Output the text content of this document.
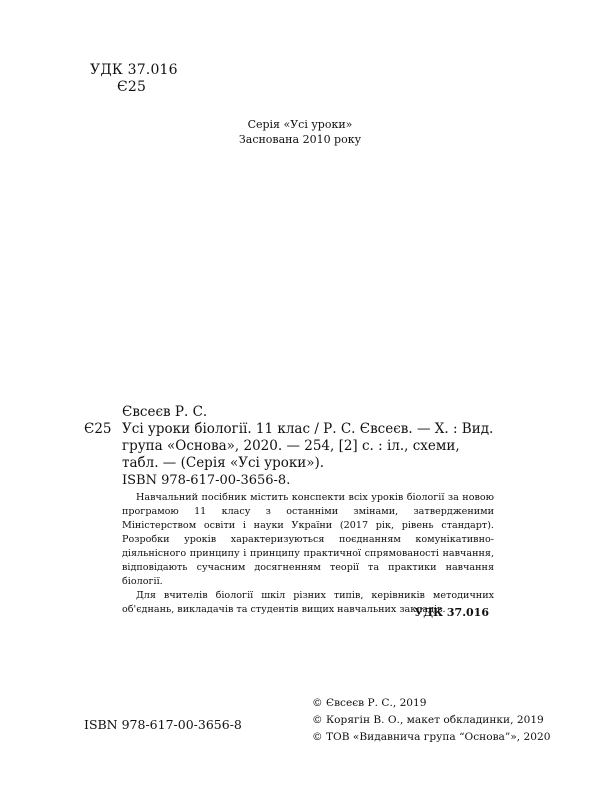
УДК 37.016
Є25
Серія «Усі уроки»
Заснована 2010 року
Євсеєв Р. С.
Є25 Усі уроки біології. 11 клас / Р. С. Євсеєв. — Х. : Вид. група «Основа», 2020. — 254, [2] с. : іл., схеми, табл. — (Серія «Усі уроки»).
ISBN 978-617-00-3656-8.

Навчальний посібник містить конспекти всіх уроків біології за новою програмою 11 класу з останніми змінами, затвердженими Міністерством освіти і науки України (2017 рік, рівень стандарт). Розробки уроків характеризуються поєднанням комунікативно-діяльнісного принципу і принципу практичної спрямованості навчання, відповідають сучасним досягненням теорії та практики навчання біології.

Для вчителів біології шкіл різних типів, керівників методичних об'єднань, викладачів та студентів вищих навчальних закладів.

УДК 37.016
ISBN 978-617-00-3656-8
© Євсеєв Р. С., 2019
© Корягін В. О., макет обкладинки, 2019
© ТОВ «Видавнича група “Основа”», 2020
